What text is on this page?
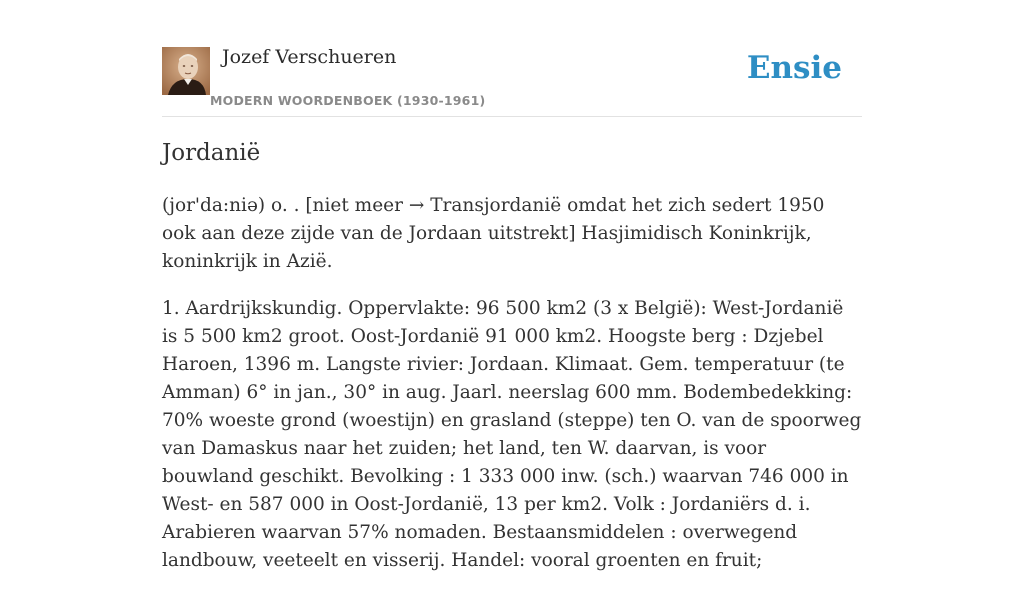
Jozef Verschueren
MODERN WOORDENBOEK (1930-1961)
Ensie
Jordanië

(jor'da:niə) o. . [niet meer → Transjordanië omdat het zich sedert 1950 ook aan deze zijde van de Jordaan uitstrekt] Hasjimidisch Koninkrijk, koninkrijk in Azië.

1. Aardrijkskundig. Oppervlakte: 96 500 km2 (3 x België): West-Jordanië is 5 500 km2 groot. Oost-Jordanië 91 000 km2. Hoogste berg : Dzjebel Haroen, 1396 m. Langste rivier: Jordaan. Klimaat. Gem. temperatuur (te Amman) 6° in jan., 30° in aug. Jaarl. neerslag 600 mm. Bodembedekking: 70% woeste grond (woestijn) en grasland (steppe) ten O. van de spoorweg van Damaskus naar het zuiden; het land, ten W. daarvan, is voor bouwland geschikt. Bevolking : 1 333 000 inw. (sch.) waarvan 746 000 in West- en 587 000 in Oost-Jordanië, 13 per km2. Volk : Jordaniërs d. i. Arabieren waarvan 57% nomaden. Bestaansmiddelen : overwegend landbouw, veeteelt en visserij. Handel: vooral groenten en fruit;
